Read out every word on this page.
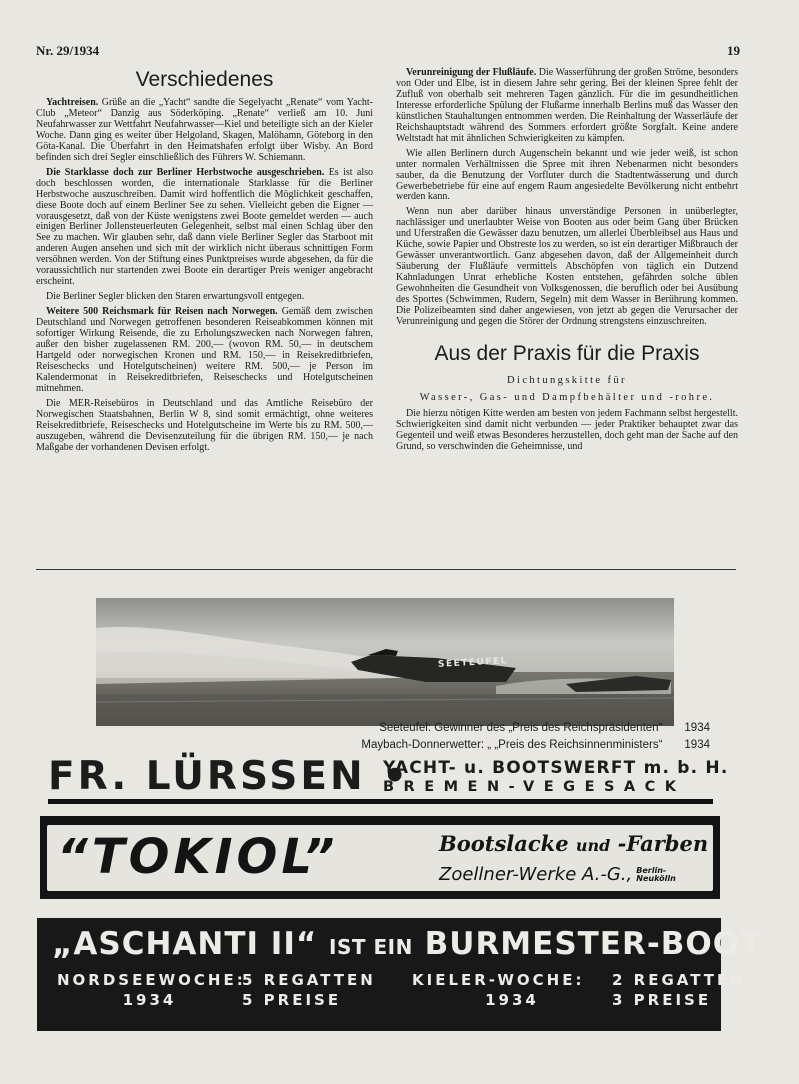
Nr. 29/1934	19
Verschiedenes

Yachtreisen. Grüße an die „Yacht“ sandte die Segelyacht „Renate“ vom Yacht-Club „Meteor“ Danzig aus Söderköping. „Renate“ verließ am 10. Juni Neufahrwasser zur Wettfahrt Neufahrwasser—Kiel und beteiligte sich an der Kieler Woche. Dann ging es weiter über Helgoland, Skagen, Malöhamn, Göteborg in den Göta-Kanal. Die Überfahrt in den Heimatshafen erfolgt über Wisby. An Bord befinden sich drei Segler einschließlich des Führers W. Schiemann.

Die Starklasse doch zur Berliner Herbstwoche ausgeschrieben. Es ist also doch beschlossen worden, die internationale Starklasse für die Berliner Herbstwoche auszuschreiben. Damit wird hoffentlich die Möglichkeit geschaffen, diese Boote doch auf einem Berliner See zu sehen. Vielleicht geben die Eigner — vorausgesetzt, daß von der Küste wenigstens zwei Boote gemeldet werden — auch einigen Berliner Jollensteuerleuten Gelegenheit, selbst mal einen Schlag über den See zu machen. Wir glauben sehr, daß dann viele Berliner Segler das Starboot mit anderen Augen ansehen und sich mit der wirklich nicht überaus schnittigen Form versöhnen werden. Von der Stiftung eines Punktpreises wurde abgesehen, da für die voraussichtlich nur startenden zwei Boote ein derartiger Preis weniger angebracht erscheint.

Die Berliner Segler blicken den Staren erwartungsvoll entgegen.

Weitere 500 Reichsmark für Reisen nach Norwegen. Gemäß dem zwischen Deutschland und Norwegen getroffenen besonderen Reiseabkommen können mit sofortiger Wirkung Reisende, die zu Erholungszwecken nach Norwegen fahren, außer den bisher zugelassenen RM. 200,— (wovon RM. 50,— in deutschem Hartgeld oder norwegischen Kronen und RM. 150,— in Reisekreditbriefen, Reiseschecks und Hotelgutscheinen) weitere RM. 500,— je Person im Kalendermonat in Reisekreditbriefen, Reiseschecks und Hotelgutscheinen mitnehmen.

Die MER-Reisebüros in Deutschland und das Amtliche Reisebüro der Norwegischen Staatsbahnen, Berlin W 8, sind somit ermächtigt, ohne weiteres Reisekreditbriefe, Reiseschecks und Hotelgutscheine im Werte bis zu RM. 500,— auszugeben, während die Devisenzuteilung für die übrigen RM. 150,— je nach Maßgabe der vorhandenen Devisen erfolgt.

Verunreinigung der Flußläufe. Die Wasserführung der großen Ströme, besonders von Oder und Elbe, ist in diesem Jahre sehr gering. Bei der kleinen Spree fehlt der Zufluß von oberhalb seit mehreren Tagen gänzlich. Für die im gesundheitlichen Interesse erforderliche Spülung der Flußarme innerhalb Berlins muß das Wasser den künstlichen Stauhaltungen entnommen werden. Die Reinhaltung der Wasserläufe der Reichshauptstadt während des Sommers erfordert größte Sorgfalt. Keine andere Weltstadt hat mit ähnlichen Schwierigkeiten zu kämpfen.

Wie allen Berlinern durch Augenschein bekannt und wie jeder weiß, ist schon unter normalen Verhältnissen die Spree mit ihren Nebenarmen nicht besonders sauber, da die Benutzung der Vorfluter durch die Stadtentwässerung und durch Gewerbebetriebe für eine auf engem Raum angesiedelte Bevölkerung nicht entbehrt werden kann.

Wenn nun aber darüber hinaus unverständige Personen in unüberlegter, nachlässiger und unerlaubter Weise von Booten aus oder beim Gang über Brücken und Uferstraßen die Gewässer dazu benutzen, um allerlei Überbleibsel aus Haus und Küche, sowie Papier und Obstreste los zu werden, so ist ein derartiger Mißbrauch der Gewässer unverantwortlich. Ganz abgesehen davon, daß der Allgemeinheit durch Säuberung der Flußläufe vermittels Abschöpfen von täglich ein Dutzend Kahnladungen Unrat erhebliche Kosten entstehen, gefährden solche üblen Gewohnheiten die Gesundheit von Volksgenossen, die beruflich oder bei Ausübung des Sportes (Schwimmen, Rudern, Segeln) mit dem Wasser in Berührung kommen. Die Polizeibeamten sind daher angewiesen, von jetzt ab gegen die Verursacher der Verunreinigung und gegen die Störer der Ordnung strengstens einzuschreiten.

Aus der Praxis für die Praxis

Dichtungskitte für

Wasser-, Gas- und Dampfbehälter und -rohre.

Die hierzu nötigen Kitte werden am besten von jedem Fachmann selbst hergestellt. Schwierigkeiten sind damit nicht verbunden — jeder Praktiker behauptet zwar das Gegenteil und weiß etwas Besonderes herzustellen, doch geht man der Sache auf den Grund, so verschwinden die Geheimnisse, und

SEETEUFEL
Seeteufel: Gewinner des „Preis des Reichspräsidenten“ 1934
Maybach-Donnerwetter: „ „Preis des Reichsinnenministers“ 1934
FR. LÜRSSEN •
YACHT- u. BOOTSWERFT m. b. H.
BREMEN-VEGESACK
“TOKIOL”	Bootslacke und -Farben
Zoellner-Werke A.-G., Berlin-
Neukölln
„ASCHANTI II“ IST EIN BURMESTER-BOOT
NORDSEEWOCHE:
5 REGATTEN
1934	5 PREISE
KIELER-WOCHE:	2 REGATTEN
1934	3 PREISE
